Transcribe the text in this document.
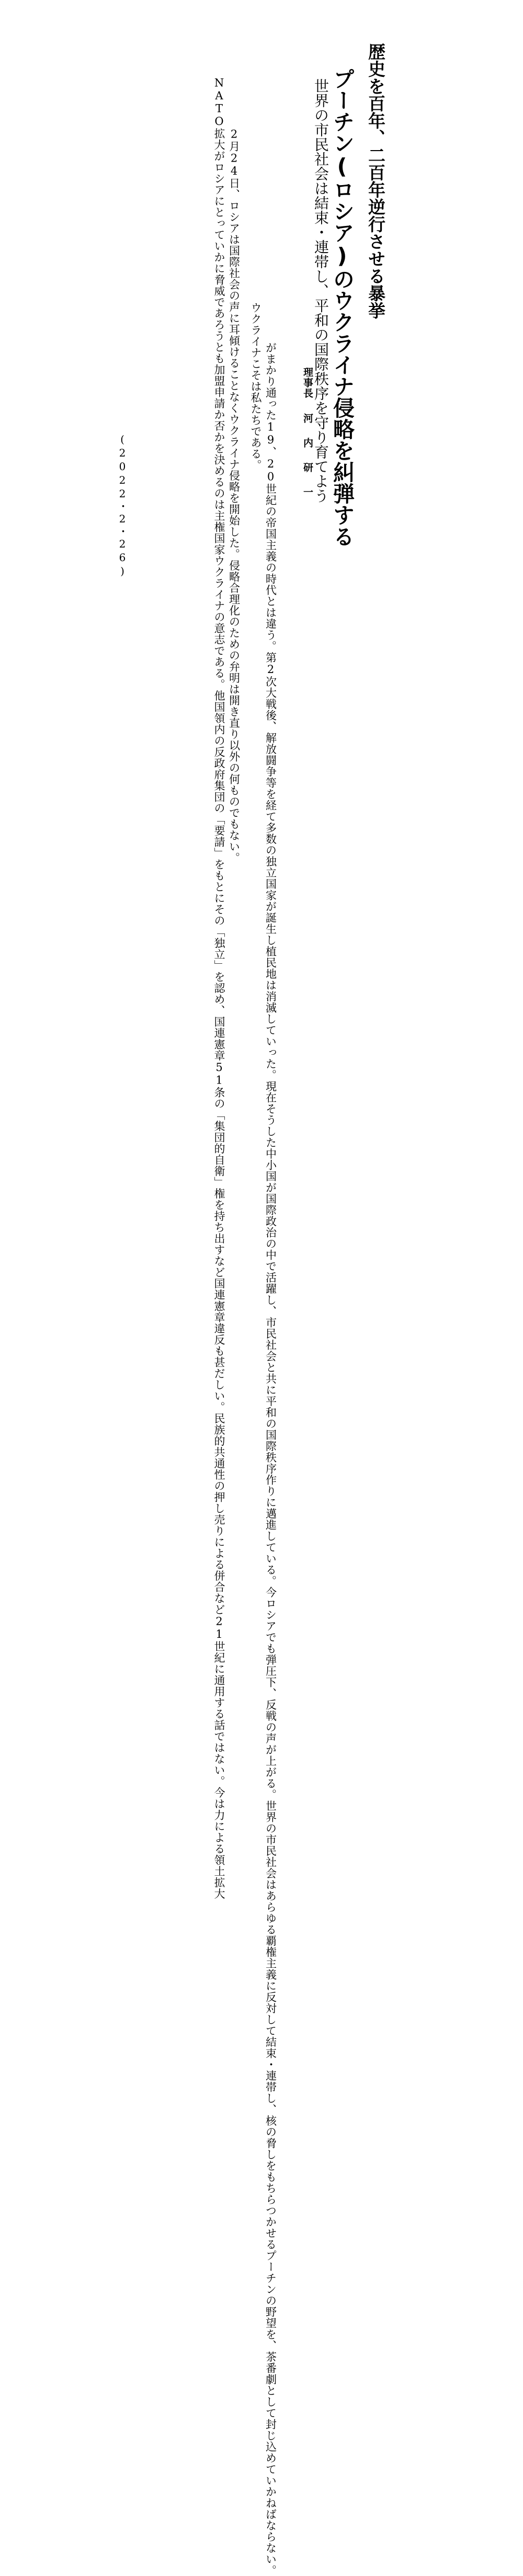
歴史を百年、二百年逆行させる暴挙
プーチン(ロシア)のウクライナ侵略を糾弾する
世界の市民社会は結束・連帯し、平和の国際秩序を守り育てよう
理事長
河内研一

　2月24日、ロシアは国際社会の声に耳傾けることなくウクライナ侵略を開始した。侵略合理化のための弁明は開き直り以外の何ものでもない。
　NATO拡大がロシアにとっていかに脅威であろうとも加盟申請か否かを決めるのは主権国家ウクライナの意志である。他国領内の反政府集団の「要請」をもとにその「独立」を認め、国連憲章51条の「集団的自衛」権を持ち出すなど国連憲章違反も甚だしい。民族的共通性の押し売りによる併合など21世紀に通用する話ではない。今は力による領土拡大
	がまかり通った19、20世紀の帝国主義の時代とは違う。第2次大戦後、解放闘争等を経て多数の独立国家が誕生し植民地は消滅していった。現在そうした中小国が国際政治の中で活躍し、市民社会と共に平和の国際秩序作りに邁進している。今ロシアでも弾圧下、反戦の声が上がる。世界の市民社会はあらゆる覇権主義に反対して結束・連帯し、核の脅しをもちらつかせるプーチンの野望を、茶番劇として封じ込めていかねばならない。
　ウクライナこそは私たちである。

(2022・2・26)
